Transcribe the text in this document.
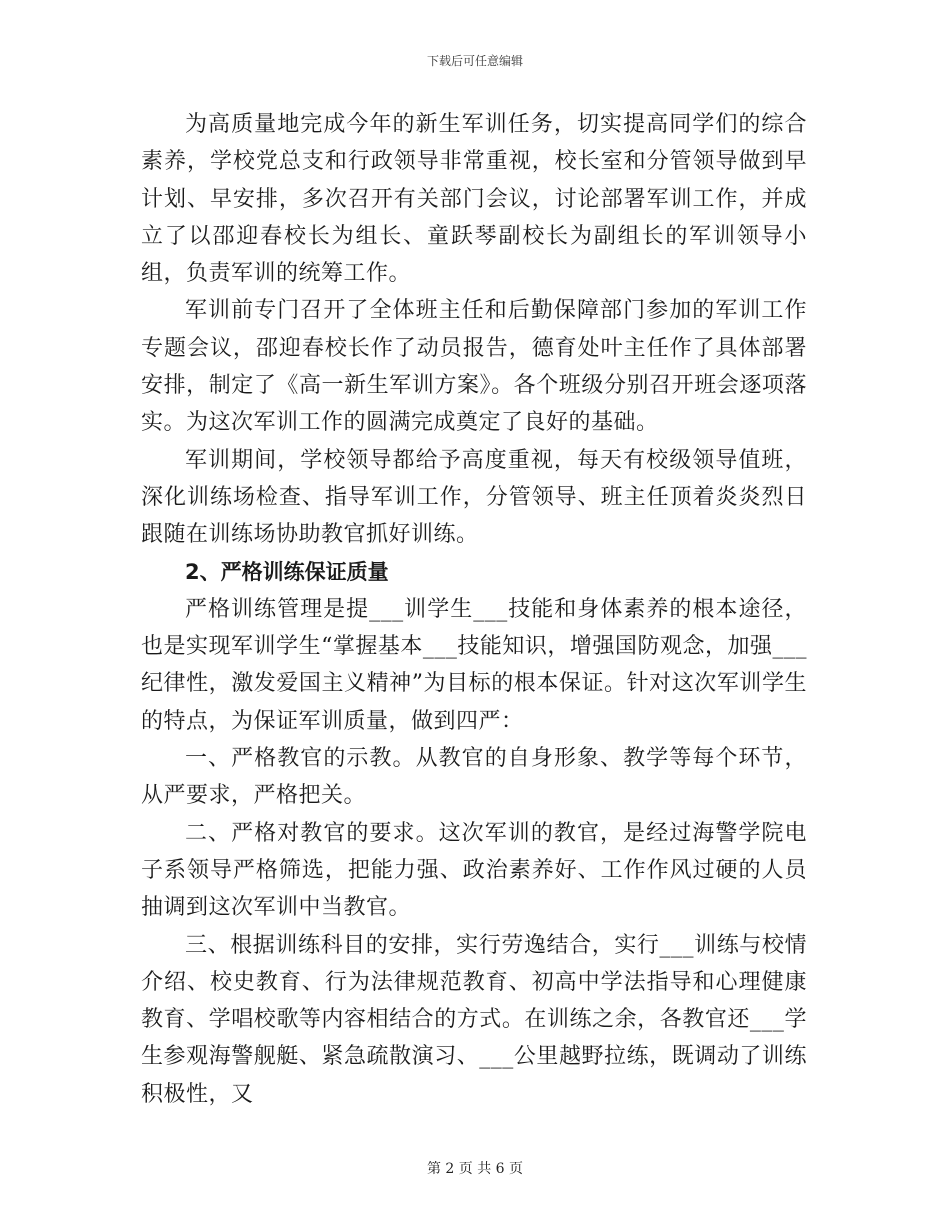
下载后可任意编辑

为高质量地完成今年的新生军训任务，切实提高同学们的综合素养，学校党总支和行政领导非常重视，校长室和分管领导做到早计划、早安排，多次召开有关部门会议，讨论部署军训工作，并成立了以邵迎春校长为组长、童跃琴副校长为副组长的军训领导小组，负责军训的统筹工作。

军训前专门召开了全体班主任和后勤保障部门参加的军训工作专题会议，邵迎春校长作了动员报告，德育处叶主任作了具体部署安排，制定了《高一新生军训方案》。各个班级分别召开班会逐项落实。为这次军训工作的圆满完成奠定了良好的基础。

军训期间，学校领导都给予高度重视，每天有校级领导值班，深化训练场检查、指导军训工作，分管领导、班主任顶着炎炎烈日跟随在训练场协助教官抓好训练。

2、严格训练保证质量

严格训练管理是提___训学生___技能和身体素养的根本途径，也是实现军训学生“掌握基本___技能知识，增强国防观念，加强___纪律性，激发爱国主义精神”为目标的根本保证。针对这次军训学生的特点，为保证军训质量，做到四严：

一、严格教官的示教。从教官的自身形象、教学等每个环节，从严要求，严格把关。

二、严格对教官的要求。这次军训的教官，是经过海警学院电子系领导严格筛选，把能力强、政治素养好、工作作风过硬的人员抽调到这次军训中当教官。

三、根据训练科目的安排，实行劳逸结合，实行___训练与校情介绍、校史教育、行为法律规范教育、初高中学法指导和心理健康教育、学唱校歌等内容相结合的方式。在训练之余，各教官还___学生参观海警舰艇、紧急疏散演习、___公里越野拉练，既调动了训练积极性，又

第 2 页 共 6 页
